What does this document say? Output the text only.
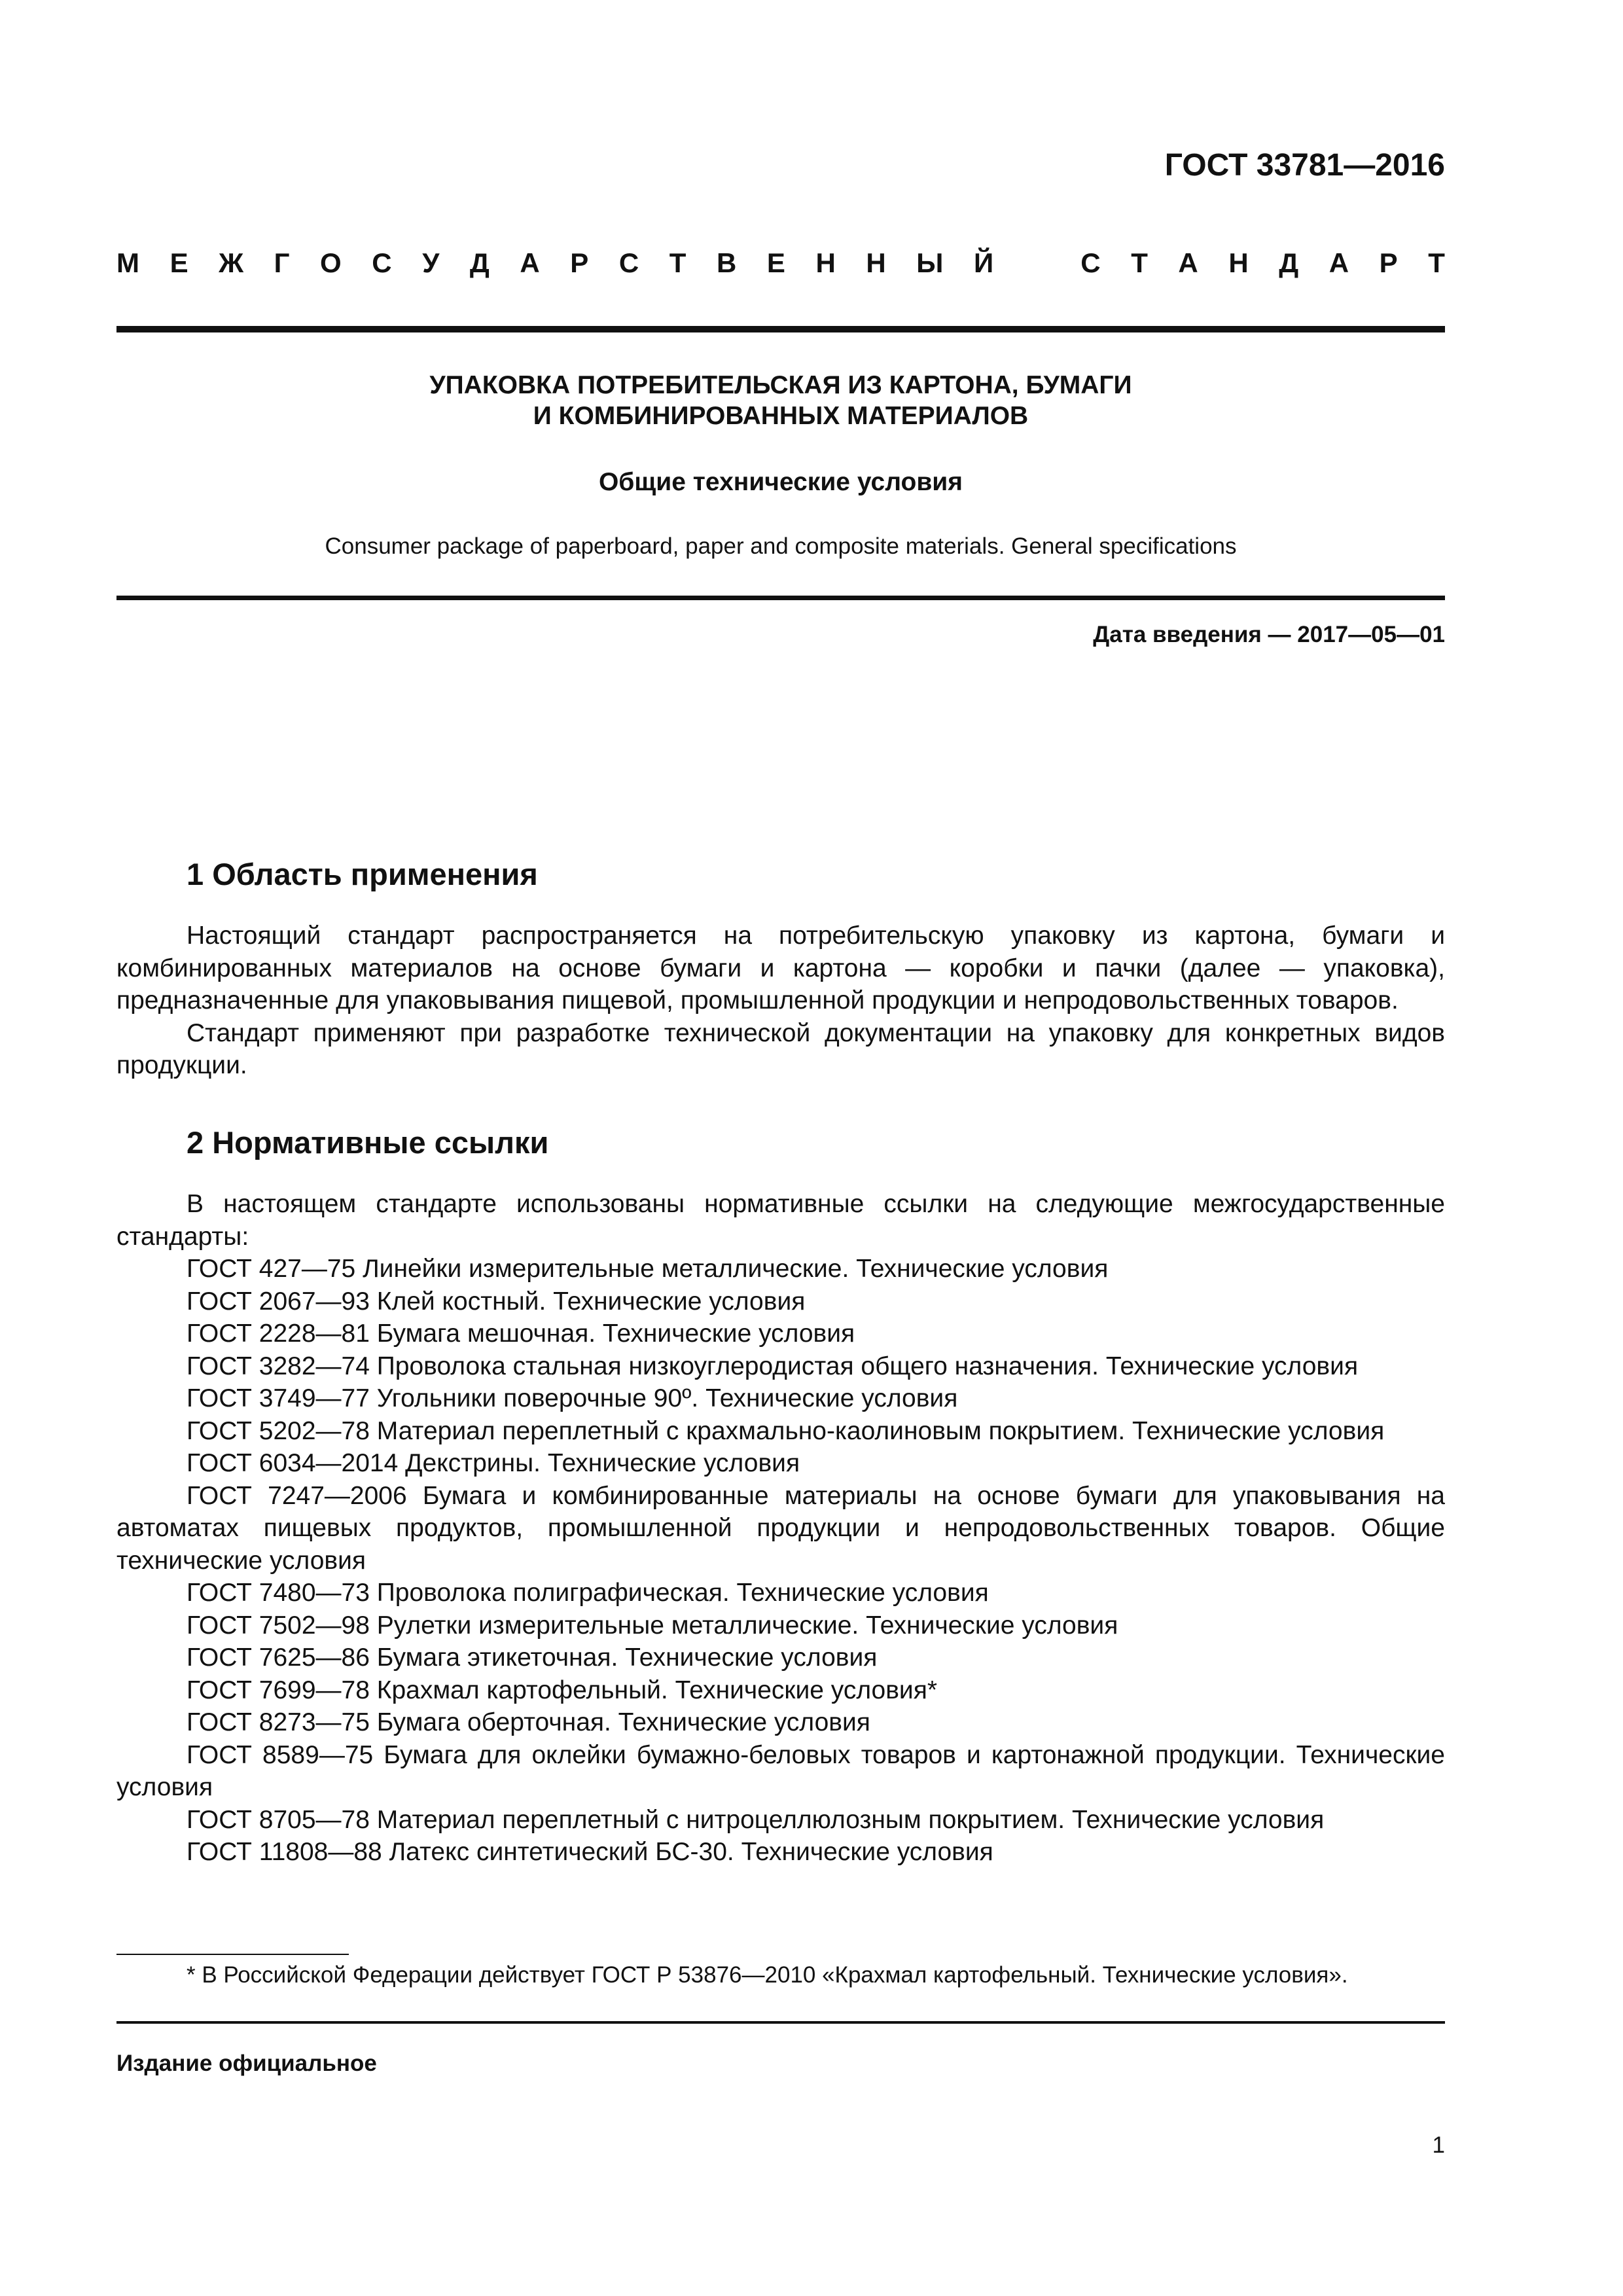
ГОСТ 33781—2016
М Е Ж Г О С У Д А Р С Т В Е Н Н Ы Й	С Т А Н Д А Р Т
УПАКОВКА ПОТРЕБИТЕЛЬСКАЯ ИЗ КАРТОНА, БУМАГИ
И КОМБИНИРОВАННЫХ МАТЕРИАЛОВ
Общие технические условия
Consumer package of paperboard, paper and composite materials. General specifications
Дата введения — 2017—05—01
1 Область применения

Настоящий стандарт распространяется на потребительскую упаковку из картона, бумаги и комбинированных материалов на основе бумаги и картона — коробки и пачки (далее — упаковка), предназначенные для упаковывания пищевой, промышленной продукции и непродовольственных товаров.

Стандарт применяют при разработке технической документации на упаковку для конкретных видов продукции.

2 Нормативные ссылки

В настоящем стандарте использованы нормативные ссылки на следующие межгосударственные стандарты:

ГОСТ 427—75 Линейки измерительные металлические. Технические условия

ГОСТ 2067—93 Клей костный. Технические условия

ГОСТ 2228—81 Бумага мешочная. Технические условия

ГОСТ 3282—74 Проволока стальная низкоуглеродистая общего назначения. Технические условия

ГОСТ 3749—77 Угольники поверочные 90º. Технические условия

ГОСТ 5202—78 Материал переплетный с крахмально-каолиновым покрытием. Технические условия

ГОСТ 6034—2014 Декстрины. Технические условия

ГОСТ 7247—2006 Бумага и комбинированные материалы на основе бумаги для упаковывания на автоматах пищевых продуктов, промышленной продукции и непродовольственных товаров. Общие технические условия

ГОСТ 7480—73 Проволока полиграфическая. Технические условия

ГОСТ 7502—98 Рулетки измерительные металлические. Технические условия

ГОСТ 7625—86 Бумага этикеточная. Технические условия

ГОСТ 7699—78 Крахмал картофельный. Технические условия*

ГОСТ 8273—75 Бумага оберточная. Технические условия

ГОСТ 8589—75 Бумага для оклейки бумажно-беловых товаров и картонажной продукции. Технические условия

ГОСТ 8705—78 Материал переплетный с нитроцеллюлозным покрытием. Технические условия

ГОСТ 11808—88 Латекс синтетический БС-30. Технические условия

* В Российской Федерации действует ГОСТ Р 53876—2010 «Крахмал картофельный. Технические условия».
Издание официальное
1
